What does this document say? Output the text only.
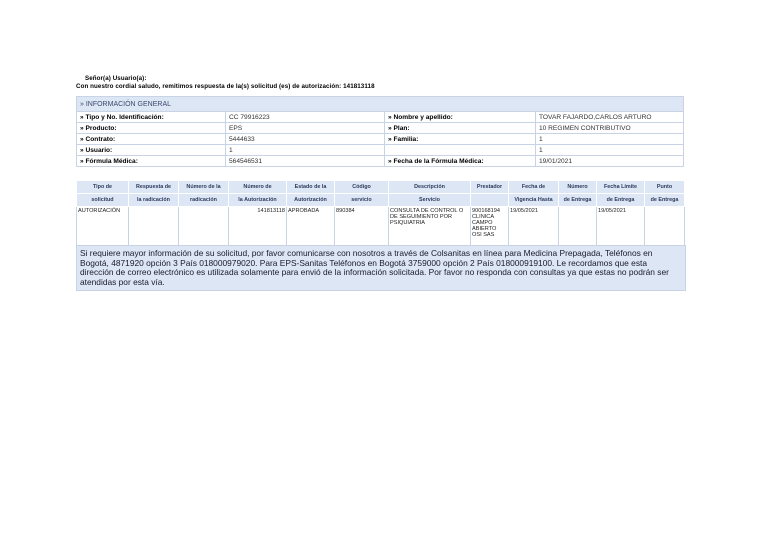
Señor(a) Usuario(a):
Con nuestro cordial saludo, remitimos respuesta de la(s) solicitud (es) de autorización: 141813118
» INFORMACIÓN GENERAL			
» Tipo y No. Identificación:	CC 79916223	» Nombre y apellido:	TOVAR FAJARDO,CARLOS ARTURO
» Producto:	EPS	» Plan:	10 REGIMEN CONTRIBUTIVO
» Contrato:	5444633	» Familia:	1
» Usuario:	1		1
» Fórmula Médica:	564546531	» Fecha de la Fórmula Médica:	19/01/2021
Tipo de	Respuesta de	Número de la	Número de	Estado de la	Código	Descripción	Prestador	Fecha de	Número	Fecha Límite	Punto
solicitud	la radicación	radicación	la Autorización	Autorización	servicio	Servicio		Vigencia Hasta	de Entrega	de Entrega	de Entrega
AUTORIZACIÓN			141813118	APROBADA	890384	CONSULTA DE CONTROL O DE SEGUIMIENTO POR PSIQUIATRIA	900168194 CLINICA CAMPO ABIERTO OSI SAS	19/05/2021		19/05/2021	
Si requiere mayor información de su solicitud, por favor comunicarse con nosotros a través de Colsanitas en línea para Medicina Prepagada, Teléfonos en Bogotá, 4871920 opción 3 País 018000979020. Para EPS-Sanitas Teléfonos en Bogotá 3759000 opción 2 País 018000919100. Le recordamos que esta dirección de correo electrónico es utilizada solamente para envió de la información solicitada. Por favor no responda con consultas ya que estas no podrán ser atendidas por esta vía.
